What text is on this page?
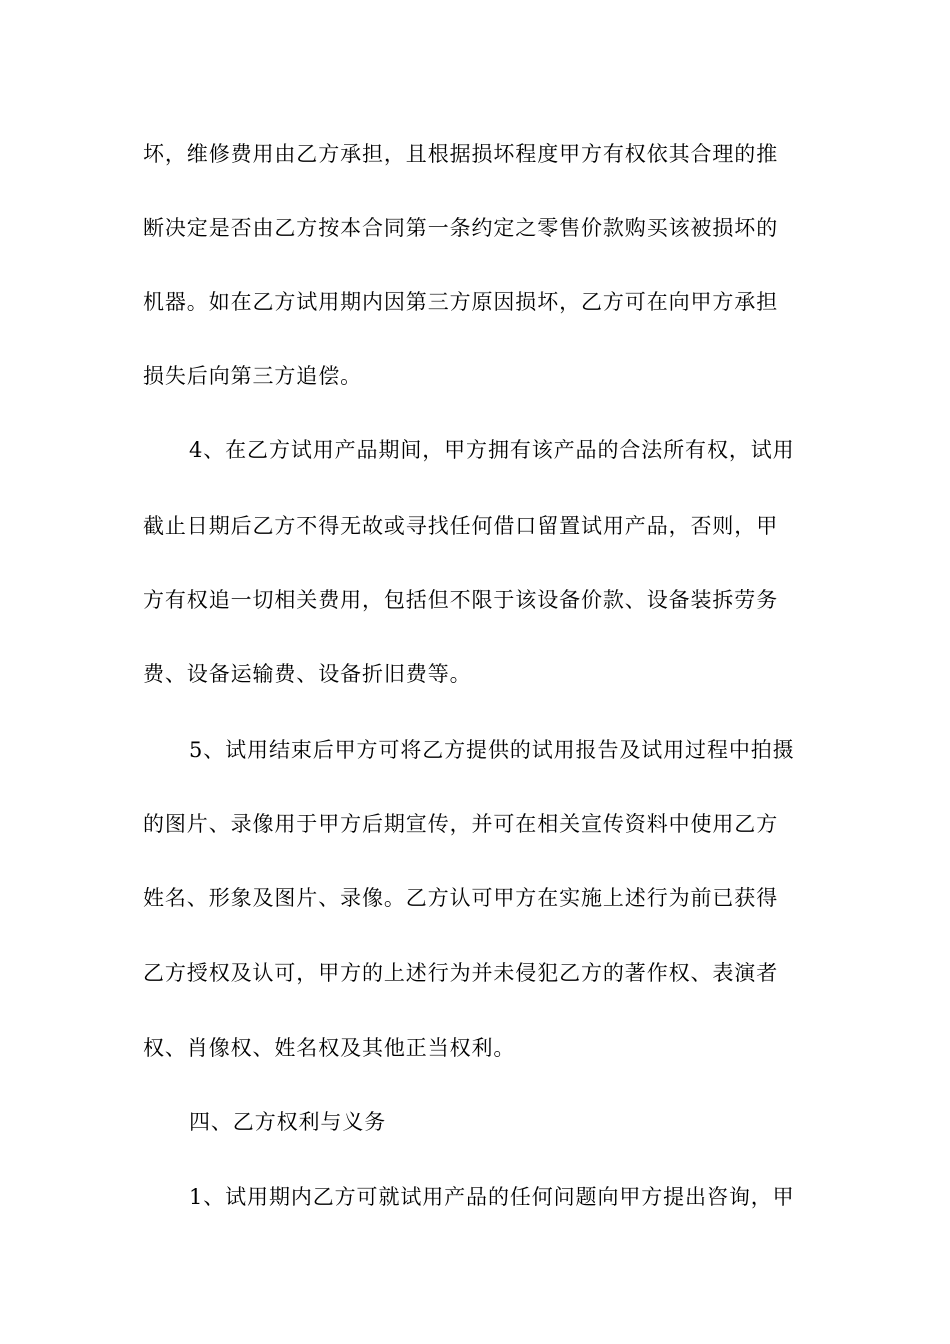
坏，维修费用由乙方承担，且根据损坏程度甲方有权依其合理的推
断决定是否由乙方按本合同第一条约定之零售价款购买该被损坏的
机器。如在乙方试用期内因第三方原因损坏，乙方可在向甲方承担
损失后向第三方追偿。
4、在乙方试用产品期间，甲方拥有该产品的合法所有权，试用
截止日期后乙方不得无故或寻找任何借口留置试用产品，否则，甲
方有权追一切相关费用，包括但不限于该设备价款、设备装拆劳务
费、设备运输费、设备折旧费等。
5、试用结束后甲方可将乙方提供的试用报告及试用过程中拍摄
的图片、录像用于甲方后期宣传，并可在相关宣传资料中使用乙方
姓名、形象及图片、录像。乙方认可甲方在实施上述行为前已获得
乙方授权及认可，甲方的上述行为并未侵犯乙方的著作权、表演者
权、肖像权、姓名权及其他正当权利。
四、乙方权利与义务
1、试用期内乙方可就试用产品的任何问题向甲方提出咨询，甲
